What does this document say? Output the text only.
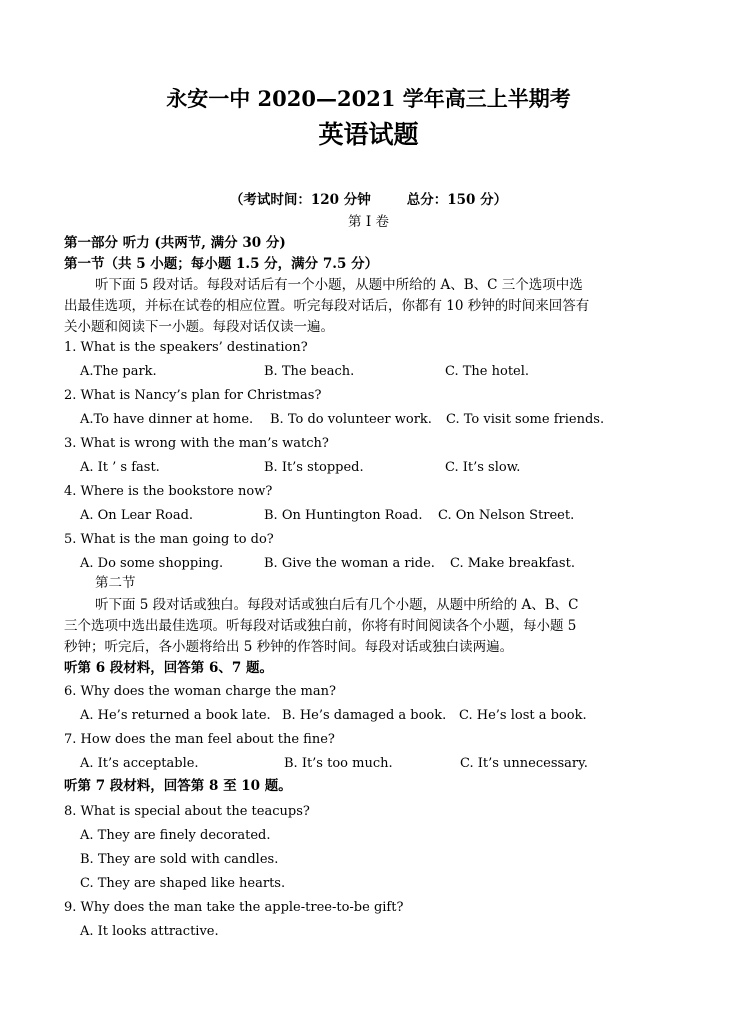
永安一中 2020—2021 学年高三上半期考
英语试题
（考试时间：120 分钟	总分：150 分）
第 I 卷
第一部分 听力 (共两节, 满分 30 分)
第一节（共 5 小题；每小题 1.5 分，满分 7.5 分）
听下面 5 段对话。每段对话后有一个小题，从题中所给的 A、B、C 三个选项中选
出最佳选项，并标在试卷的相应位置。听完每段对话后，你都有 10 秒钟的时间来回答有
关小题和阅读下一小题。每段对话仅读一遍。
1. What is the speakers’ destination?
A.The park.	B. The beach.	C. The hotel.
2. What is Nancy’s plan for Christmas?
A.To have dinner at home. B. To do volunteer work. C. To visit some friends.
3. What is wrong with the man’s watch?
A. It ’ s fast.	B. It’s stopped.	C. It’s slow.
4. Where is the bookstore now?
A. On Lear Road.	B. On Huntington Road. C. On Nelson Street.
5. What is the man going to do?
A. Do some shopping.	B. Give the woman a ride. C. Make breakfast.
第二节
听下面 5 段对话或独白。每段对话或独白后有几个小题，从题中所给的 A、B、C
三个选项中选出最佳选项。听每段对话或独白前，你将有时间阅读各个小题，每小题 5
秒钟；听完后，各小题将给出 5 秒钟的作答时间。每段对话或独白读两遍。
听第 6 段材料，回答第 6、7 题。
6. Why does the woman charge the man?
A. He’s returned a book late. B. He’s damaged a book. C. He’s lost a book.
7. How does the man feel about the fine?
A. It’s acceptable.	B. It’s too much.	C. It’s unnecessary.
听第 7 段材料，回答第 8 至 10 题。
8. What is special about the teacups?
A. They are finely decorated.
B. They are sold with candles.
C. They are shaped like hearts.
9. Why does the man take the apple-tree-to-be gift?
A. It looks attractive.
